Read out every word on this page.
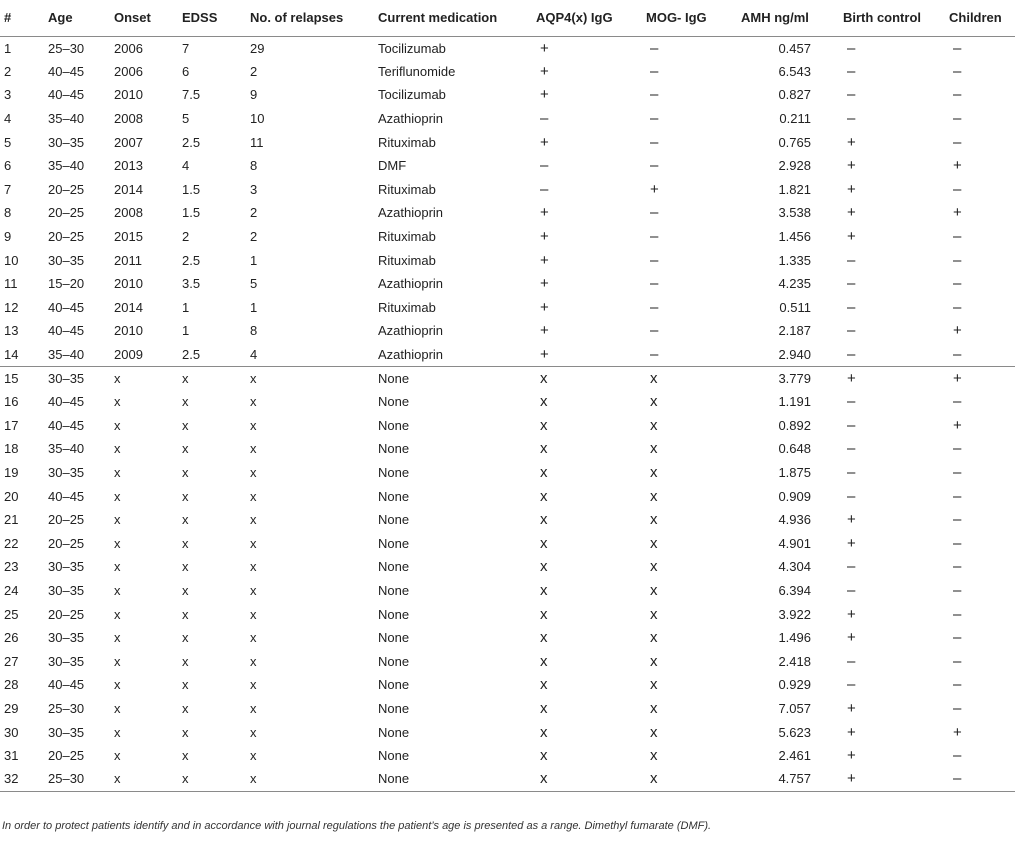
#	Age	Onset	EDSS	No. of relapses	Current medication	AQP4(x) IgG	MOG- IgG	AMH ng/ml	Birth control	Children
1	25–30	2006	7	29	Tocilizumab	+	–	0.457	–	–
2	40–45	2006	6	2	Teriflunomide	+	–	6.543	–	–
3	40–45	2010	7.5	9	Tocilizumab	+	–	0.827	–	–
4	35–40	2008	5	10	Azathioprin	–	–	0.211	–	–
5	30–35	2007	2.5	11	Rituximab	+	–	0.765	+	–
6	35–40	2013	4	8	DMF	–	–	2.928	+	+
7	20–25	2014	1.5	3	Rituximab	–	+	1.821	+	–
8	20–25	2008	1.5	2	Azathioprin	+	–	3.538	+	+
9	20–25	2015	2	2	Rituximab	+	–	1.456	+	–
10	30–35	2011	2.5	1	Rituximab	+	–	1.335	–	–
11	15–20	2010	3.5	5	Azathioprin	+	–	4.235	–	–
12	40–45	2014	1	1	Rituximab	+	–	0.511	–	–
13	40–45	2010	1	8	Azathioprin	+	–	2.187	–	+
14	35–40	2009	2.5	4	Azathioprin	+	–	2.940	–	–
15	30–35	x	x	x	None	x	x	3.779	+	+
16	40–45	x	x	x	None	x	x	1.191	–	–
17	40–45	x	x	x	None	x	x	0.892	–	+
18	35–40	x	x	x	None	x	x	0.648	–	–
19	30–35	x	x	x	None	x	x	1.875	–	–
20	40–45	x	x	x	None	x	x	0.909	–	–
21	20–25	x	x	x	None	x	x	4.936	+	–
22	20–25	x	x	x	None	x	x	4.901	+	–
23	30–35	x	x	x	None	x	x	4.304	–	–
24	30–35	x	x	x	None	x	x	6.394	–	–
25	20–25	x	x	x	None	x	x	3.922	+	–
26	30–35	x	x	x	None	x	x	1.496	+	–
27	30–35	x	x	x	None	x	x	2.418	–	–
28	40–45	x	x	x	None	x	x	0.929	–	–
29	25–30	x	x	x	None	x	x	7.057	+	–
30	30–35	x	x	x	None	x	x	5.623	+	+
31	20–25	x	x	x	None	x	x	2.461	+	–
32	25–30	x	x	x	None	x	x	4.757	+	–
In order to protect patients identify and in accordance with journal regulations the patient’s age is presented as a range. Dimethyl fumarate (DMF).
